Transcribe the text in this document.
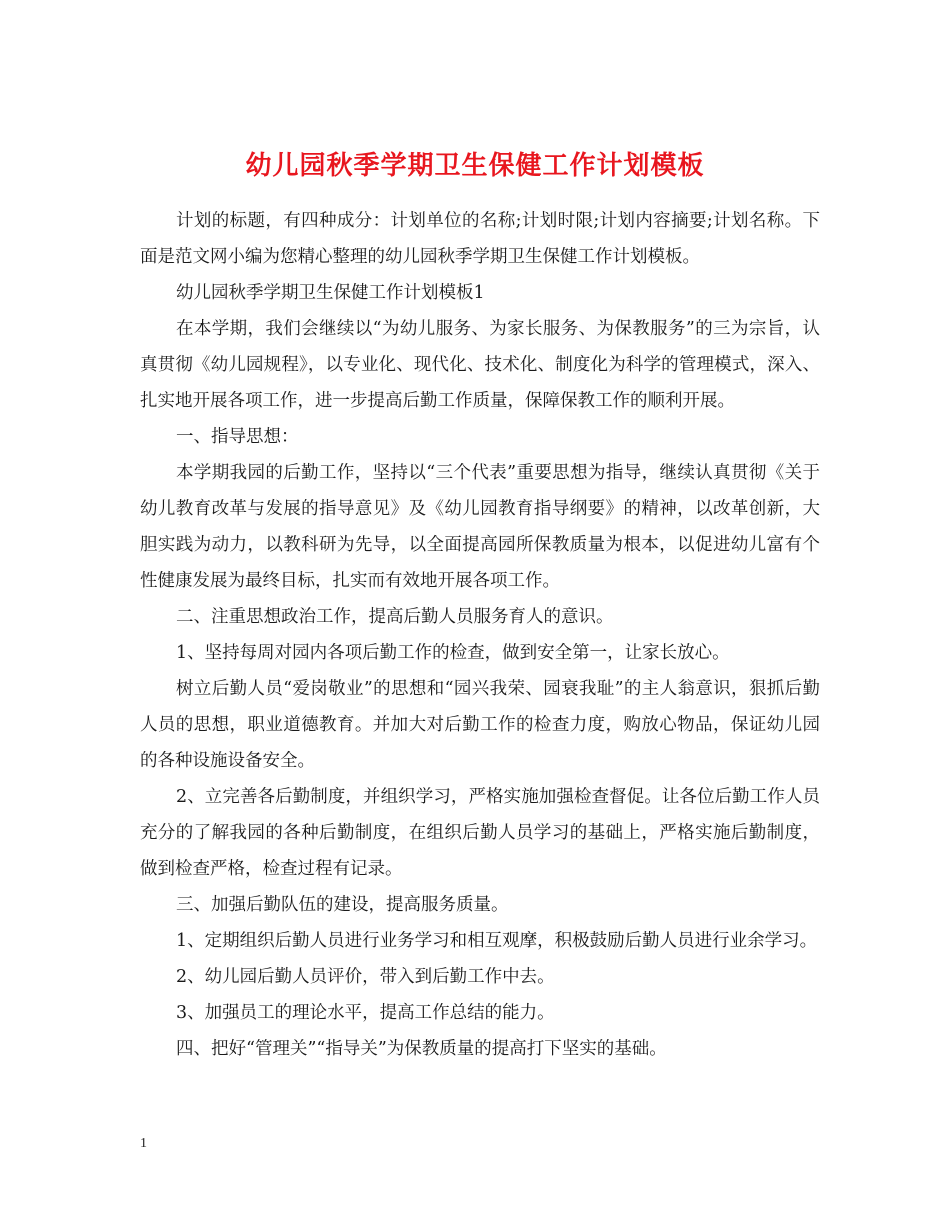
幼儿园秋季学期卫生保健工作计划模板

计划的标题，有四种成分：计划单位的名称;计划时限;计划内容摘要;计划名称。下面是范文网小编为您精心整理的幼儿园秋季学期卫生保健工作计划模板。

幼儿园秋季学期卫生保健工作计划模板1

在本学期，我们会继续以“为幼儿服务、为家长服务、为保教服务”的三为宗旨，认真贯彻《幼儿园规程》，以专业化、现代化、技术化、制度化为科学的管理模式，深入、扎实地开展各项工作，进一步提高后勤工作质量，保障保教工作的顺利开展。

一、指导思想：

本学期我园的后勤工作，坚持以“三个代表”重要思想为指导，继续认真贯彻《关于幼儿教育改革与发展的指导意见》及《幼儿园教育指导纲要》的精神，以改革创新，大胆实践为动力，以教科研为先导，以全面提高园所保教质量为根本，以促进幼儿富有个性健康发展为最终目标，扎实而有效地开展各项工作。

二、注重思想政治工作，提高后勤人员服务育人的意识。

1、坚持每周对园内各项后勤工作的检查，做到安全第一，让家长放心。

树立后勤人员“爱岗敬业”的思想和“园兴我荣、园衰我耻”的主人翁意识，狠抓后勤人员的思想，职业道德教育。并加大对后勤工作的检查力度，购放心物品，保证幼儿园的各种设施设备安全。

2、立完善各后勤制度，并组织学习，严格实施加强检查督促。让各位后勤工作人员充分的了解我园的各种后勤制度，在组织后勤人员学习的基础上，严格实施后勤制度，做到检查严格，检查过程有记录。

三、加强后勤队伍的建设，提高服务质量。

1、定期组织后勤人员进行业务学习和相互观摩，积极鼓励后勤人员进行业余学习。

2、幼儿园后勤人员评价，带入到后勤工作中去。

3、加强员工的理论水平，提高工作总结的能力。

四、把好“管理关”“指导关”为保教质量的提高打下坚实的基础。

1
